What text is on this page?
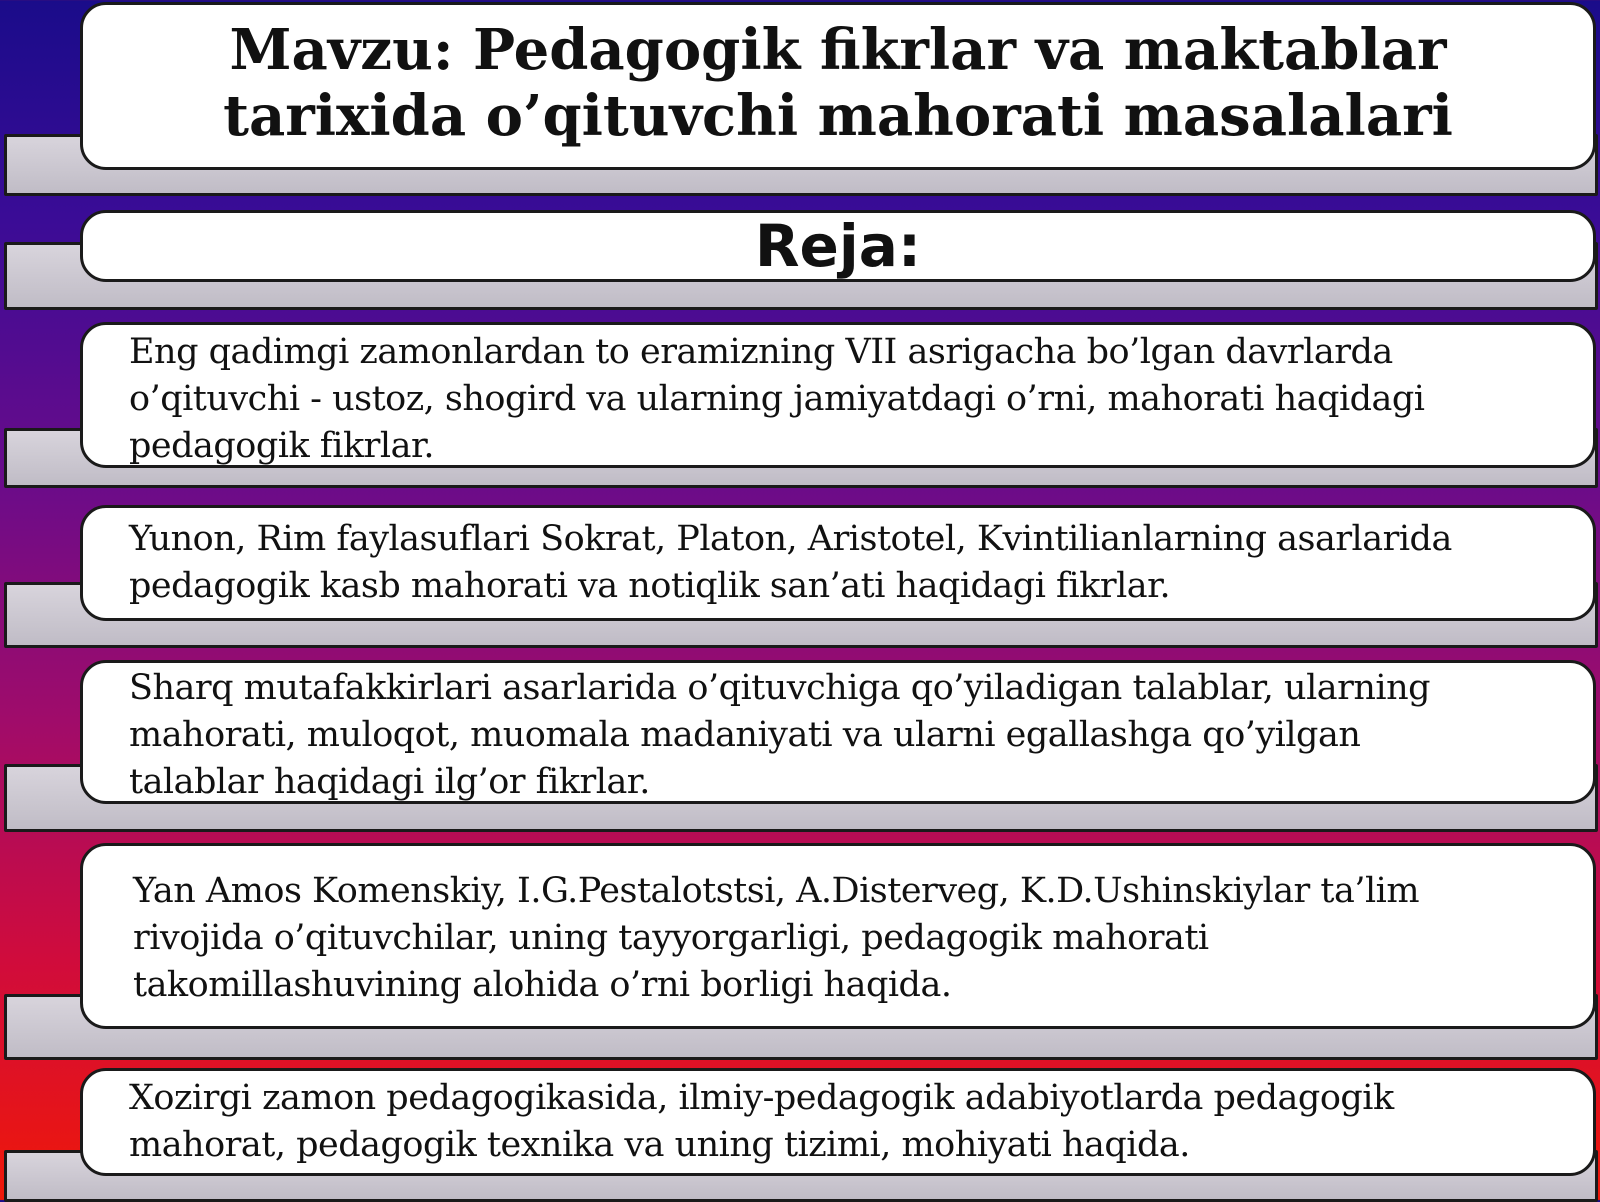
Mavzu: Pedagogik fikrlar va maktablar tarixida o’qituvchi mahorati masalalari
Reja:
Eng qadimgi zamonlardan to eramizning VII asrigacha bo’lgan davrlarda
o’qituvchi - ustoz, shogird va ularning jamiyatdagi o’rni, mahorati haqidagi
pedagogik fikrlar.
Yunon, Rim faylasuflari Sokrat, Platon, Aristotel, Kvintilianlarning asarlarida
pedagogik kasb mahorati va notiqlik san’ati haqidagi fikrlar.
Sharq mutafakkirlari asarlarida o’qituvchiga qo’yiladigan talablar, ularning
mahorati, muloqot, muomala madaniyati va ularni egallashga qo’yilgan
talablar haqidagi ilg’or fikrlar.
Yan Amos Komenskiy, I.G.Pestalotstsi, A.Disterveg, K.D.Ushinskiylar ta’lim
rivojida o’qituvchilar, uning tayyorgarligi, pedagogik mahorati
takomillashuvining alohida o’rni borligi haqida.
Xozirgi zamon pedagogikasida, ilmiy-pedagogik adabiyotlarda pedagogik
mahorat, pedagogik texnika va uning tizimi, mohiyati haqida.
